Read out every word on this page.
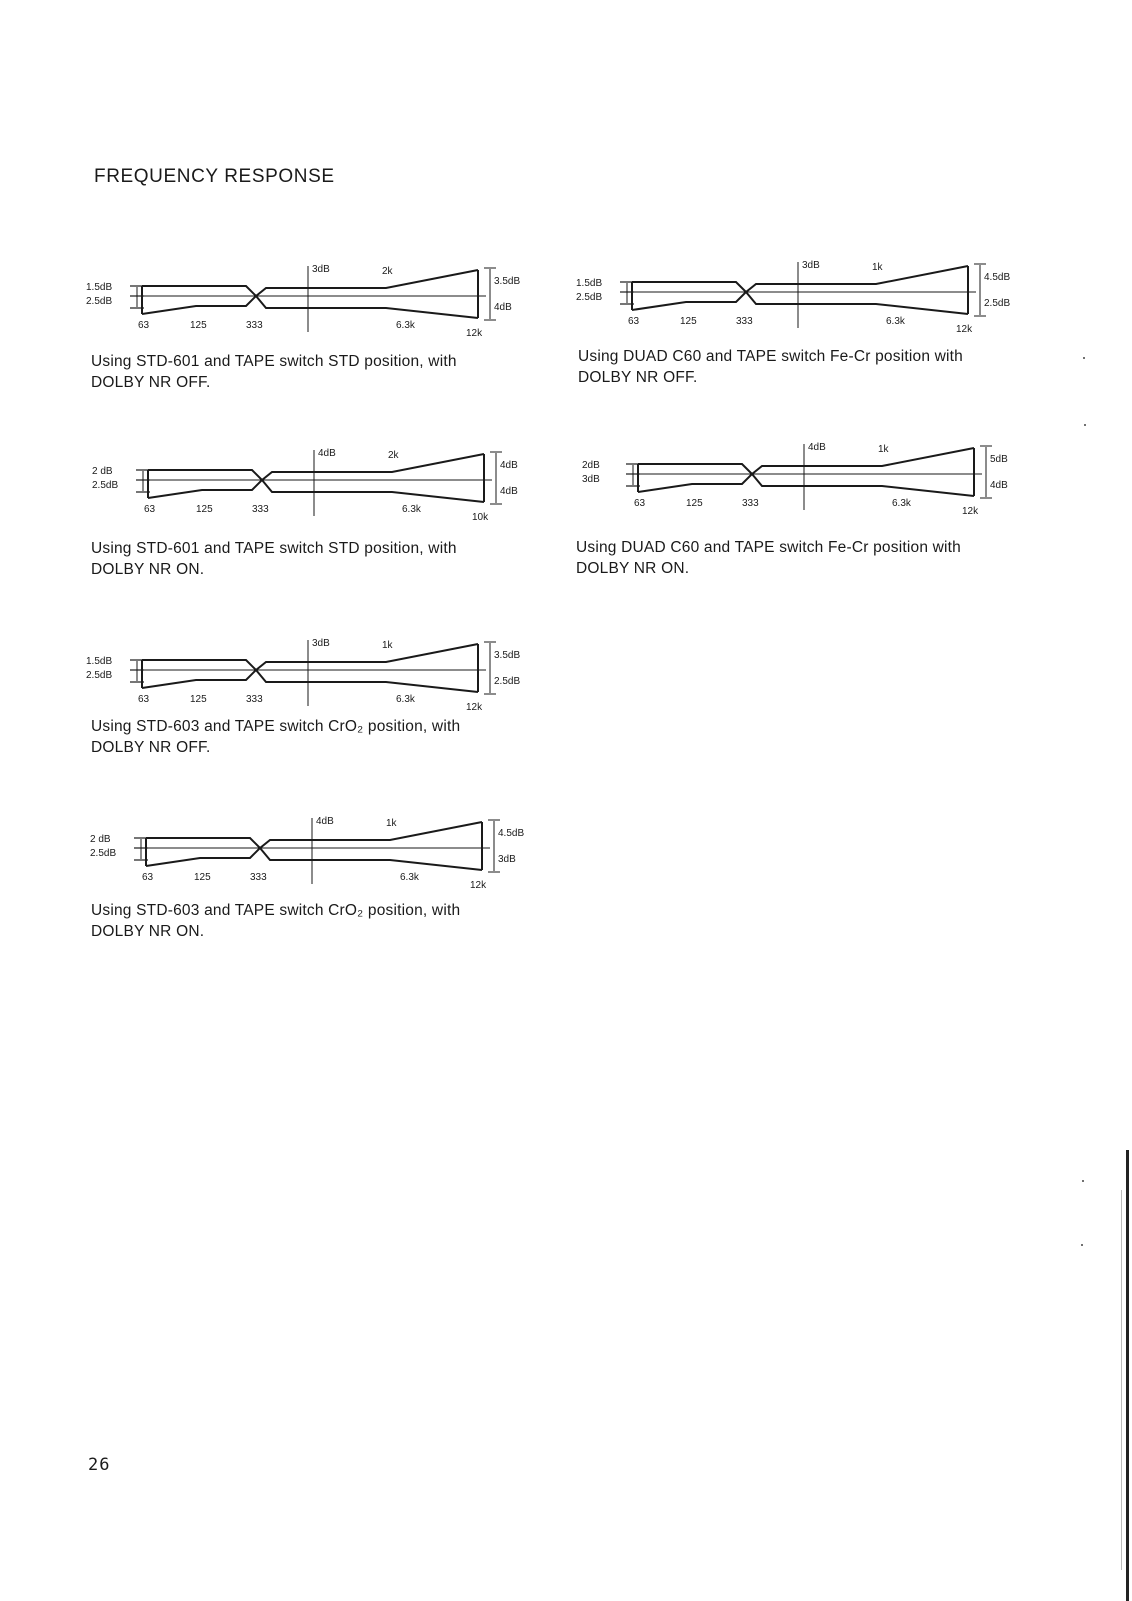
FREQUENCY RESPONSE
1.5dB
2.5dB
3dB	2k
6.3k
12k
3.5dB
4dB
63	125	333
Using STD-601 and TAPE switch STD position, with
DOLBY NR OFF.
2 dB
2.5dB
4dB	2k
6.3k
10k
4dB
4dB
63	125	333
Using STD-601 and TAPE switch STD position, with
DOLBY NR ON.
1.5dB
2.5dB
3dB	1k
6.3k
12k
3.5dB
2.5dB
63	125	333
Using STD-603 and TAPE switch CrO₂ position, with
DOLBY NR OFF.
2 dB
2.5dB
4dB	1k
6.3k
12k
4.5dB
3dB
63	125	333
Using STD-603 and TAPE switch CrO₂ position, with
DOLBY NR ON.
1.5dB
2.5dB
3dB	1k
6.3k
12k
4.5dB
2.5dB
63	125	333
Using DUAD C60 and TAPE switch Fe-Cr position with
DOLBY NR OFF.
2dB
3dB
4dB	1k
6.3k
12k
5dB
4dB
63	125	333
Using DUAD C60 and TAPE switch Fe-Cr position with
DOLBY NR ON.
26
